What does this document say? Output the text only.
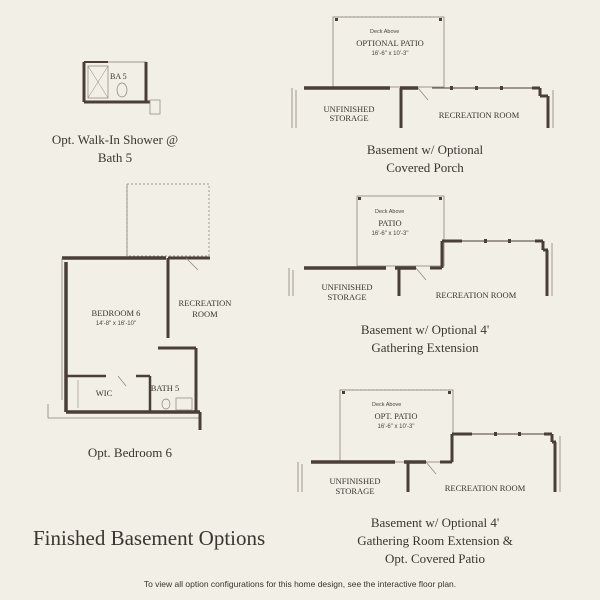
BA 5
BEDROOM 6
14'-8" x 16'-10"
RECREATION
ROOM
WIC	BATH 5
Deck Above
OPTIONAL PATIO
16'-6" x 10'-3"
UNFINISHED
STORAGE	RECREATION ROOM
Deck Above
PATIO
16'-6" x 10'-3"
UNFINISHED
STORAGE	RECREATION ROOM
Deck Above
OPT. PATIO
16'-6" x 10'-3"
UNFINISHED
STORAGE	RECREATION ROOM
Opt. Walk-In Shower @
Bath 5
Opt. Bedroom 6
Basement w/ Optional
Covered Porch
Basement w/ Optional 4'
Gathering Extension
Basement w/ Optional 4'
Gathering Room Extension &
Opt. Covered Patio
Finished Basement Options
To view all option configurations for this home design, see the interactive floor plan.
